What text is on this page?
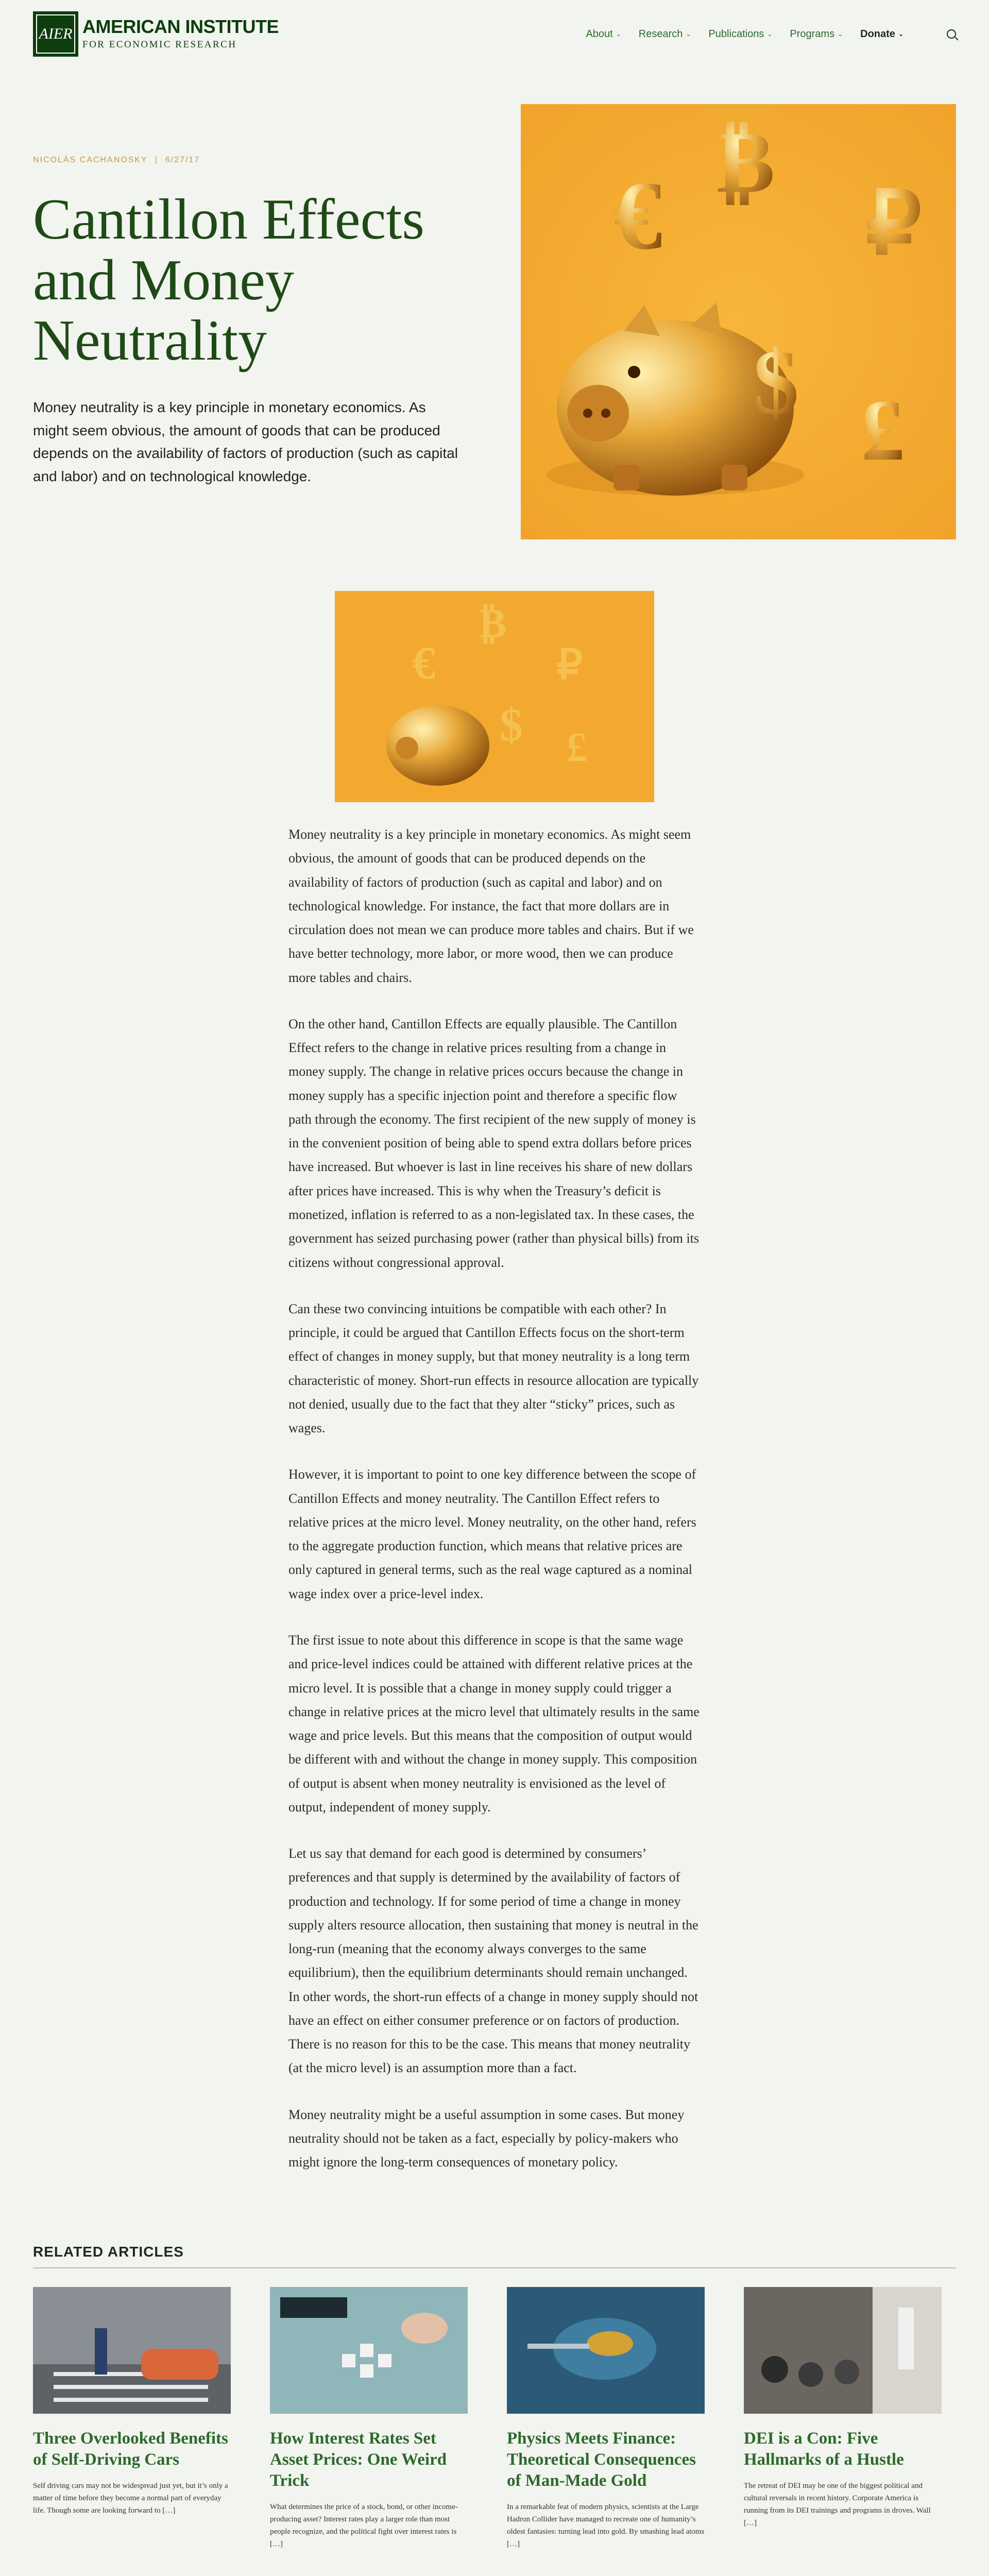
AIER AMERICAN INSTITUTE
FOR ECONOMIC RESEARCH
About ⌄ Research ⌄ Publications ⌄ Programs ⌄ Donate ⌄
NICOLÁS CACHANOSKY | 6/27/17
Cantillon Effects and Money Neutrality

Money neutrality is a key principle in monetary economics. As might seem obvious, the amount of goods that can be produced depends on the availability of factors of production (such as capital and labor) and on technological knowledge.

€ ₿
₽
$ £
€
₿
₽
$ £

Money neutrality is a key principle in monetary economics. As might seem obvious, the amount of goods that can be produced depends on the availability of factors of production (such as capital and labor) and on technological knowledge. For instance, the fact that more dollars are in circulation does not mean we can produce more tables and chairs. But if we have better technology, more labor, or more wood, then we can produce more tables and chairs.

On the other hand, Cantillon Effects are equally plausible. The Cantillon Effect refers to the change in relative prices resulting from a change in money supply. The change in relative prices occurs because the change in money supply has a specific injection point and therefore a specific flow path through the economy. The first recipient of the new supply of money is in the convenient position of being able to spend extra dollars before prices have increased. But whoever is last in line receives his share of new dollars after prices have increased. This is why when the Treasury’s deficit is monetized, inflation is referred to as a non-legislated tax. In these cases, the government has seized purchasing power (rather than physical bills) from its citizens without congressional approval.

Can these two convincing intuitions be compatible with each other? In principle, it could be argued that Cantillon Effects focus on the short-term effect of changes in money supply, but that money neutrality is a long term characteristic of money. Short-run effects in resource allocation are typically not denied, usually due to the fact that they alter “sticky” prices, such as wages.

However, it is important to point to one key difference between the scope of Cantillon Effects and money neutrality. The Cantillon Effect refers to relative prices at the micro level. Money neutrality, on the other hand, refers to the aggregate production function, which means that relative prices are only captured in general terms, such as the real wage captured as a nominal wage index over a price-level index.

The first issue to note about this difference in scope is that the same wage and price-level indices could be attained with different relative prices at the micro level. It is possible that a change in money supply could trigger a change in relative prices at the micro level that ultimately results in the same wage and price levels. But this means that the composition of output would be different with and without the change in money supply. This composition of output is absent when money neutrality is envisioned as the level of output, independent of money supply.

Let us say that demand for each good is determined by consumers’ preferences and that supply is determined by the availability of factors of production and technology. If for some period of time a change in money supply alters resource allocation, then sustaining that money is neutral in the long-run (meaning that the economy always converges to the same equilibrium), then the equilibrium determinants should remain unchanged. In other words, the short-run effects of a change in money supply should not have an effect on either consumer preference or on factors of production. There is no reason for this to be the case. This means that money neutrality (at the micro level) is an assumption more than a fact.

Money neutrality might be a useful assumption in some cases. But money neutrality should not be taken as a fact, especially by policy-makers who might ignore the long-term consequences of monetary policy.

RELATED ARTICLES
Three Overlooked Benefits of Self-Driving Cars

Self driving cars may not be widespread just yet, but it’s only a matter of time before they become a normal part of everyday life. Though some are looking forward to […]

How Interest Rates Set Asset Prices: One Weird Trick

What determines the price of a stock, bond, or other income-producing asset? Interest rates play a larger role than most people recognize, and the political fight over interest rates is […]

Physics Meets Finance: Theoretical Consequences of Man-Made Gold

In a remarkable feat of modern physics, scientists at the Large Hadron Collider have managed to recreate one of humanity’s oldest fantasies: turning lead into gold. By smashing lead atoms […]

DEI is a Con: Five Hallmarks of a Hustle

The retreat of DEI may be one of the biggest political and cultural reversals in recent history. Corporate America is running from its DEI trainings and programs in droves. Wall […]
